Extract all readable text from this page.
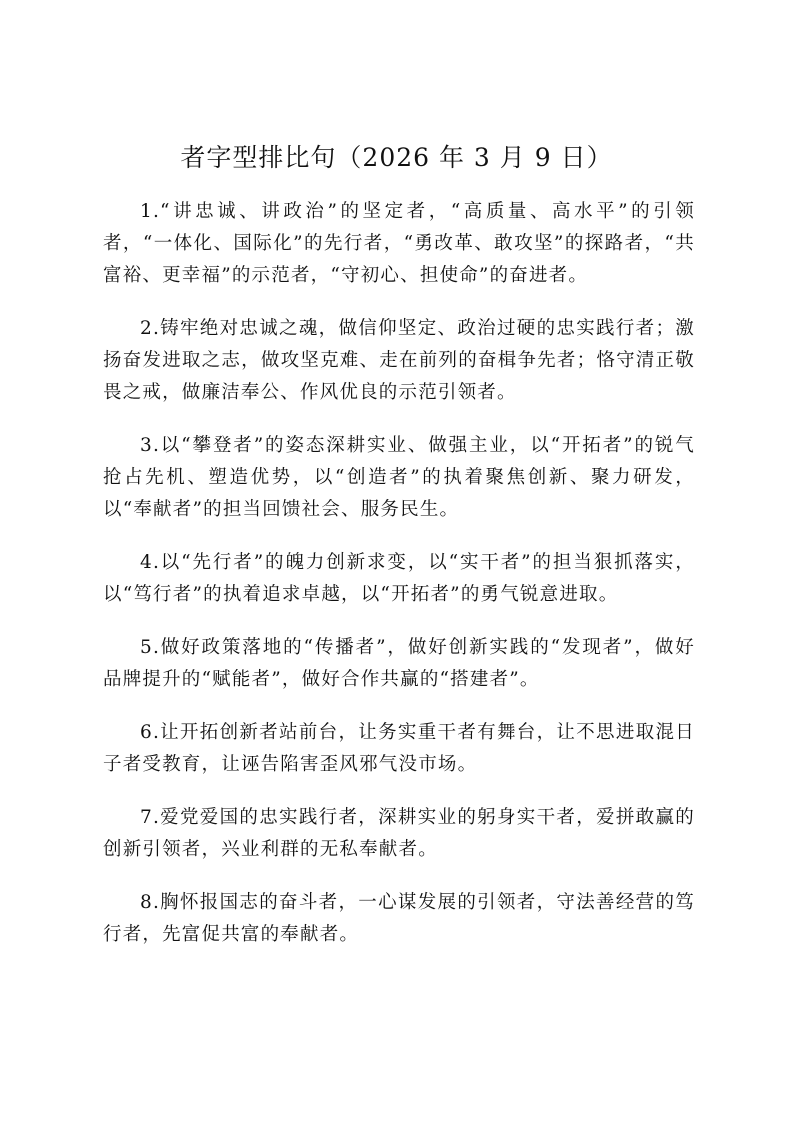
者字型排比句（2026 年 3 月 9 日）

1.“讲忠诚、讲政治”的坚定者，“高质量、高水平”的引领者，“一体化、国际化”的先行者，“勇改革、敢攻坚”的探路者，“共富裕、更幸福”的示范者，“守初心、担使命”的奋进者。

2.铸牢绝对忠诚之魂，做信仰坚定、政治过硬的忠实践行者；激扬奋发进取之志，做攻坚克难、走在前列的奋楫争先者；恪守清正敬畏之戒，做廉洁奉公、作风优良的示范引领者。

3.以“攀登者”的姿态深耕实业、做强主业，以“开拓者”的锐气抢占先机、塑造优势，以“创造者”的执着聚焦创新、聚力研发，以“奉献者”的担当回馈社会、服务民生。

4.以“先行者”的魄力创新求变，以“实干者”的担当狠抓落实，以“笃行者”的执着追求卓越，以“开拓者”的勇气锐意进取。

5.做好政策落地的“传播者”，做好创新实践的“发现者”，做好品牌提升的“赋能者”，做好合作共赢的“搭建者”。

6.让开拓创新者站前台，让务实重干者有舞台，让不思进取混日子者受教育，让诬告陷害歪风邪气没市场。

7.爱党爱国的忠实践行者，深耕实业的躬身实干者，爱拼敢赢的创新引领者，兴业利群的无私奉献者。

8.胸怀报国志的奋斗者，一心谋发展的引领者，守法善经营的笃行者，先富促共富的奉献者。
